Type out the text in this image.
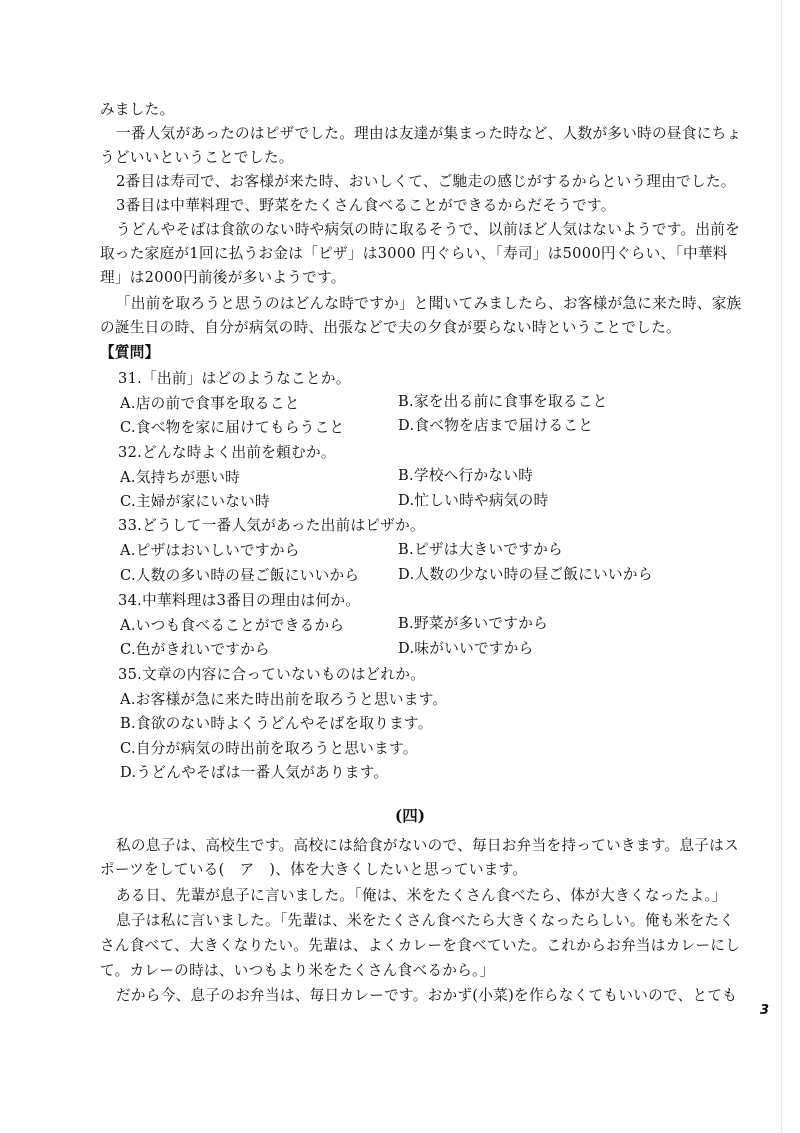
みました。
一番人気があったのはピザでした。理由は友達が集まった時など、人数が多い時の昼食にちょ
うどいいということでした。
2番目は寿司で、お客様が来た時、おいしくて、ご馳走の感じがするからという理由でした。
3番目は中華料理で、野菜をたくさん食べることができるからだそうです。
うどんやそばは食欲のない時や病気の時に取るそうで、以前ほど人気はないようです。出前を
取った家庭が1回に払うお金は「ピザ」は3000 円ぐらい、「寿司」は5000円ぐらい、「中華料
理」は2000円前後が多いようです。
「出前を取ろうと思うのはどんな時ですか」と聞いてみましたら、お客様が急に来た時、家族
の誕生日の時、自分が病気の時、出張などで夫の夕食が要らない時ということでした。
【質問】
31.「出前」はどのようなことか。
A.店の前で食事を取ること	B.家を出る前に食事を取ること
C.食べ物を家に届けてもらうこと	D.食べ物を店まで届けること
32.どんな時よく出前を頼むか。
A.気持ちが悪い時	B.学校へ行かない時
C.主婦が家にいない時	D.忙しい時や病気の時
33.どうして一番人気があった出前はピザか。
A.ピザはおいしいですから	B.ピザは大きいですから
C.人数の多い時の昼ご飯にいいから	D.人数の少ない時の昼ご飯にいいから
34.中華料理は3番目の理由は何か。
A.いつも食べることができるから	B.野菜が多いですから
C.色がきれいですから	D.味がいいですから
35.文章の内容に合っていないものはどれか。
A.お客様が急に来た時出前を取ろうと思います。
B.食欲のない時よくうどんやそばを取ります。
C.自分が病気の時出前を取ろうと思います。
D.うどんやそばは一番人気があります。
(四)
私の息子は、高校生です。高校には給食がないので、毎日お弁当を持っていきます。息子はス
ポーツをしている(　ア　)、体を大きくしたいと思っています。
ある日、先輩が息子に言いました。「俺は、米をたくさん食べたら、体が大きくなったよ。」
息子は私に言いました。「先輩は、米をたくさん食べたら大きくなったらしい。俺も米をたく
さん食べて、大きくなりたい。先輩は、よくカレーを食べていた。これからお弁当はカレーにし
て。カレーの時は、いつもより米をたくさん食べるから。」
だから今、息子のお弁当は、毎日カレーです。おかず(小菜)を作らなくてもいいので、とても
3
